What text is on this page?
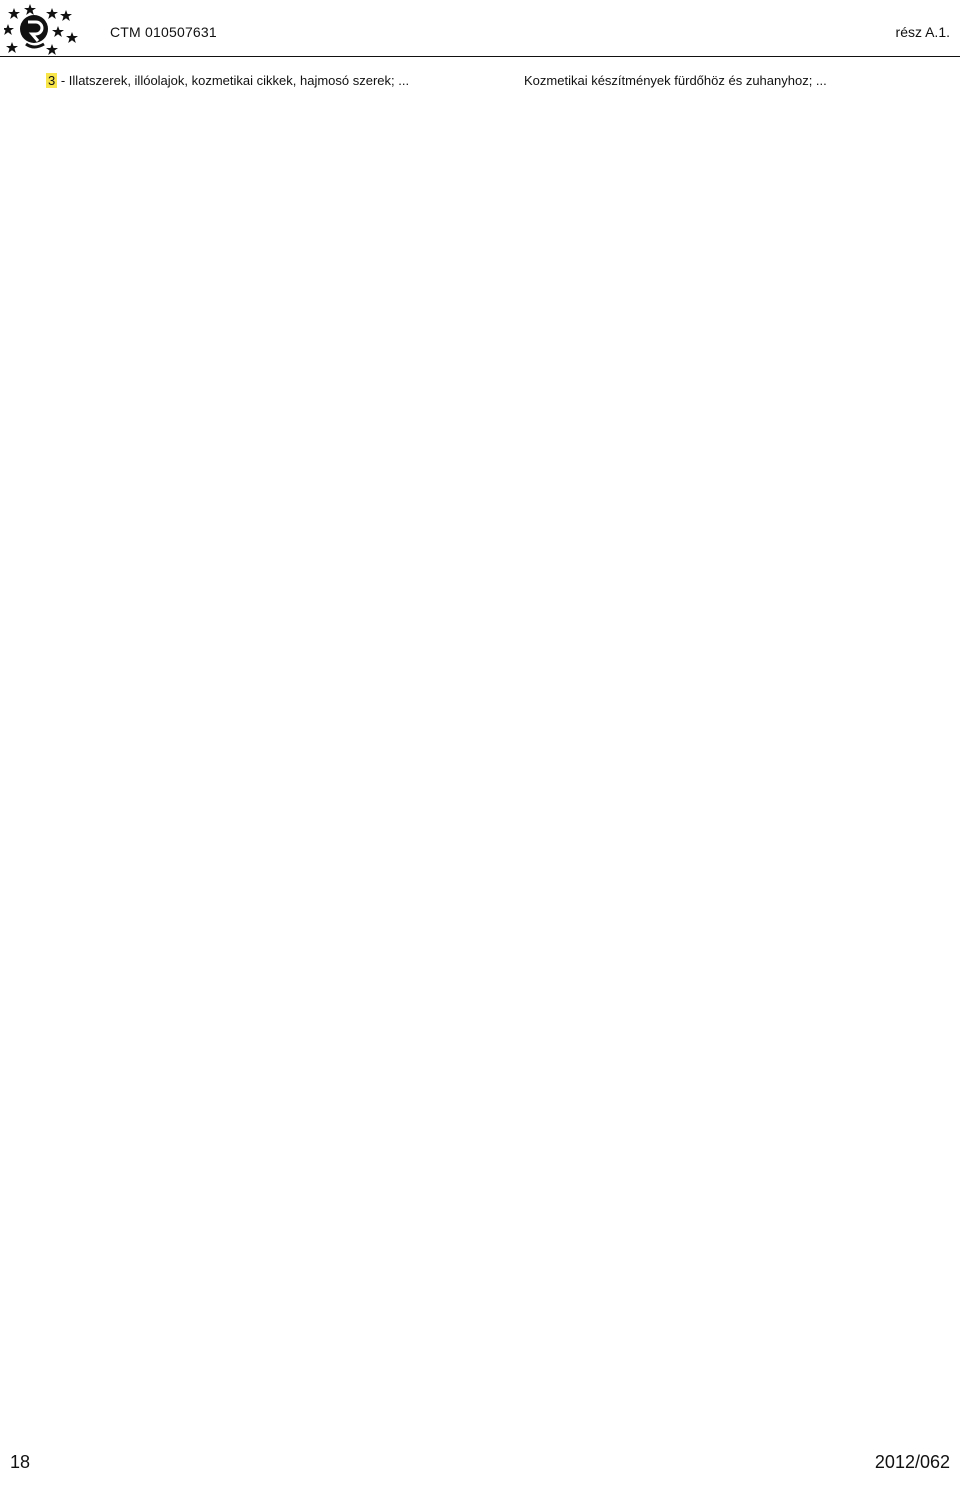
CTM 010507631	rész A.1.
3 - Illatszerek, illóolajok, kozmetikai cikkek, hajmosó szerek; ...	Kozmetikai készítmények fürdőhöz és zuhanyhoz; ...
18	2012/062
